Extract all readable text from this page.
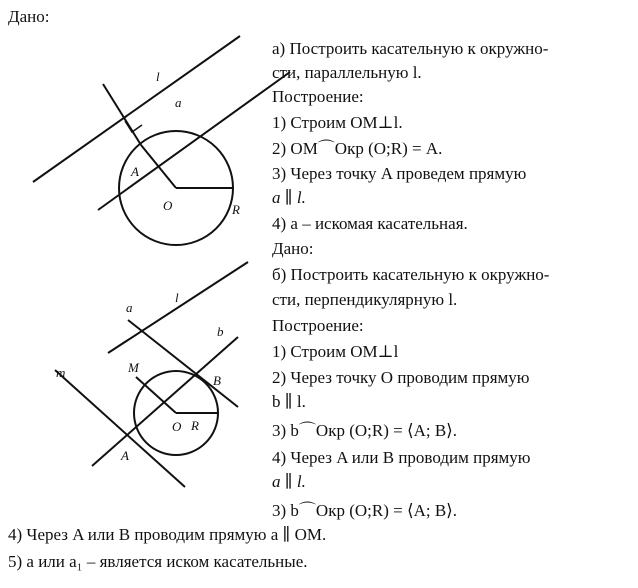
Дано:
а) Построить касательную к окружно-
сти, параллельную l.
Построение:
1) Строим OM⊥l.
2) OM⌒Окр (O;R) = A.
3) Через точку A проведем прямую
a ∥ l.
4) a – искомая касательная.
Дано:
б) Построить касательную к окружно-
сти, перпендикулярную l.
Построение:
1) Строим OM⊥l
2) Через точку O проводим прямую
b ∥ l.
3) b⌒Окр (O;R) = ⟨A; B⟩.
4) Через A или B проводим прямую
a ∥ l.
3) b⌒Окр (O;R) = ⟨A; B⟩.
4) Через A или B проводим прямую a ∥ OM.
5) a или a₁ – является иском касательные.
l
a
A
O	R
a
l
b
m	M
B
O R
A
